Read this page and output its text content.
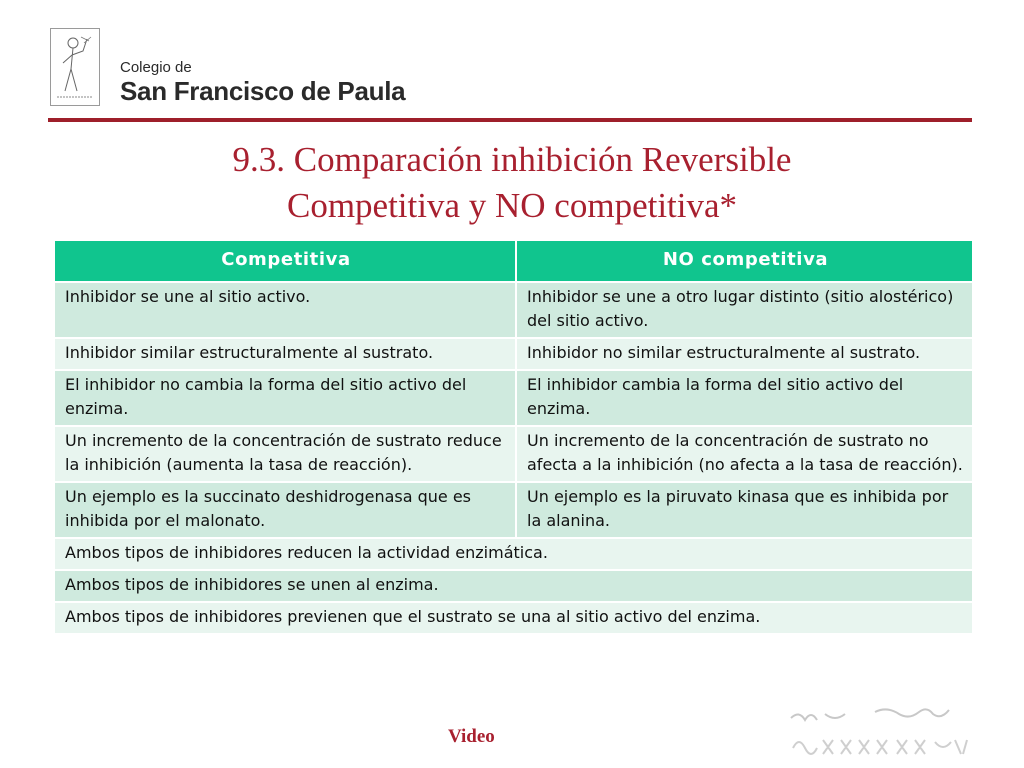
Colegio de
San Francisco de Paula
9.3. Comparación inhibición Reversible
Competitiva y NO competitiva*
Competitiva	NO competitiva
Inhibidor se une al sitio activo.	Inhibidor se une a otro lugar distinto (sitio alostérico) del sitio activo.
Inhibidor similar estructuralmente al sustrato.	Inhibidor no similar estructuralmente al sustrato.
El inhibidor no cambia la forma del sitio activo del enzima.	El inhibidor cambia la forma del sitio activo del enzima.
Un incremento de la concentración de sustrato reduce la inhibición (aumenta la tasa de reacción).	Un incremento de la concentración de sustrato no afecta a la inhibición (no afecta a la tasa de reacción).
Un ejemplo es la succinato deshidrogenasa que es inhibida por el malonato.	Un ejemplo es la piruvato kinasa que es inhibida por la alanina.
Ambos tipos de inhibidores reducen la actividad enzimática.	
Ambos tipos de inhibidores se unen al enzima.	
Ambos tipos de inhibidores previenen que el sustrato se una al sitio activo del enzima.	
Video
